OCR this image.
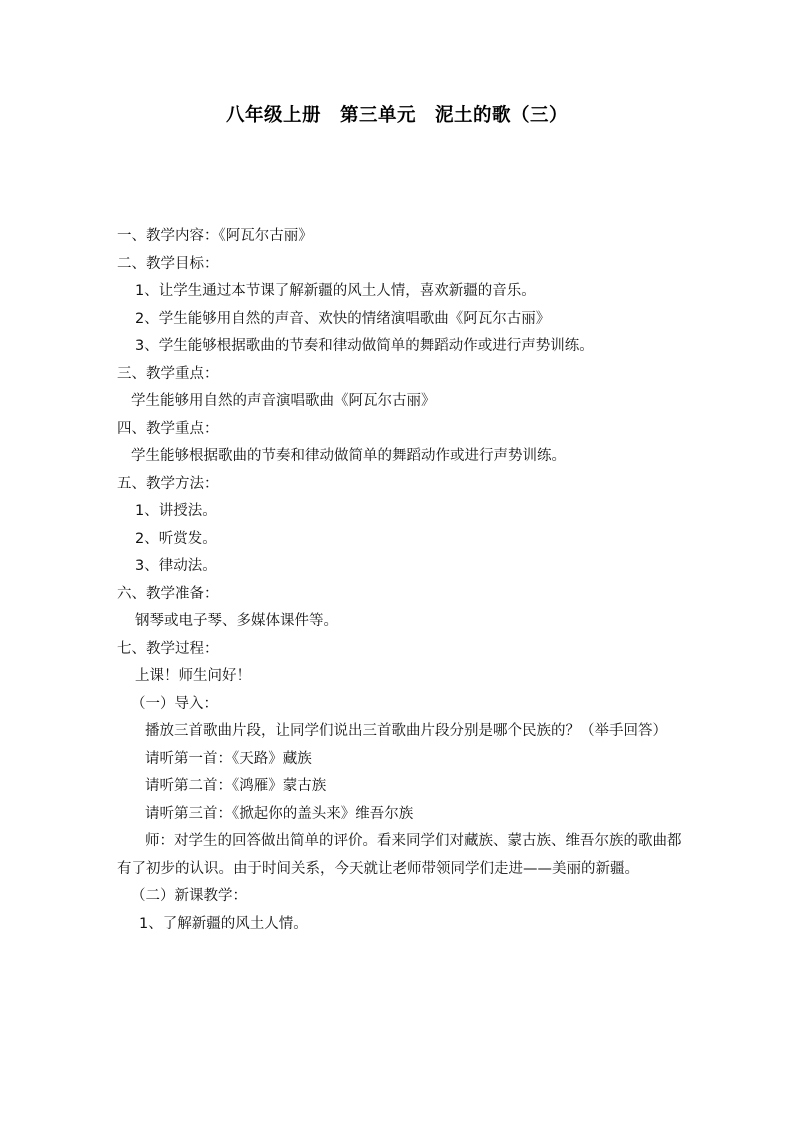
八年级上册　第三单元　泥土的歌（三）
一、教学内容：《阿瓦尔古丽》
二、教学目标：
1、让学生通过本节课了解新疆的风土人情，喜欢新疆的音乐。
2、学生能够用自然的声音、欢快的情绪演唱歌曲《阿瓦尔古丽》
3、学生能够根据歌曲的节奏和律动做简单的舞蹈动作或进行声势训练。
三、教学重点：
学生能够用自然的声音演唱歌曲《阿瓦尔古丽》
四、教学重点：
学生能够根据歌曲的节奏和律动做简单的舞蹈动作或进行声势训练。
五、教学方法：
1、讲授法。
2、听赏发。
3、律动法。
六、教学准备：
钢琴或电子琴、多媒体课件等。
七、教学过程：
上课！师生问好！
（一）导入：
播放三首歌曲片段，让同学们说出三首歌曲片段分别是哪个民族的？（举手回答）
请听第一首：《天路》藏族
请听第二首：《鸿雁》蒙古族
请听第三首：《掀起你的盖头来》维吾尔族
师：对学生的回答做出简单的评价。看来同学们对藏族、蒙古族、维吾尔族的歌曲都有了初步的认识。由于时间关系，今天就让老师带领同学们走进——美丽的新疆。
（二）新课教学：
1、了解新疆的风土人情。
